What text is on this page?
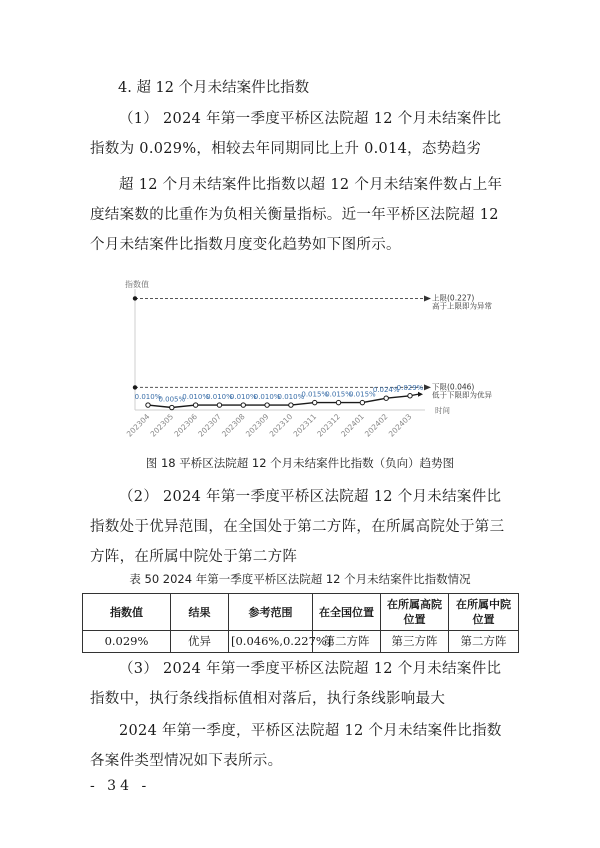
4. 超 12 个月未结案件比指数
（1） 2024 年第一季度平桥区法院超 12 个月未结案件比指数为 0.029%，相较去年同期同比上升 0.014，态势趋劣
超 12 个月未结案件比指数以超 12 个月未结案件数占上年度结案数的比重作为负相关衡量指标。近一年平桥区法院超 12 个月未结案件比指数月度变化趋势如下图所示。
指数值
时间
上限(0.227)
高于上限即为异常
下限(0.046)
低于下限即为优异
0.010%
202304
0.005%
202305
0.010%
202306
0.010%
202307
0.010%
202308
0.010%
202309
0.010%
202310
0.015%
202311
0.015%
202312
0.015%
202401
0.024%
202402
0.029%
202403
图 18 平桥区法院超 12 个月未结案件比指数（负向）趋势图
（2） 2024 年第一季度平桥区法院超 12 个月未结案件比指数处于优异范围，在全国处于第二方阵，在所属高院处于第三方阵，在所属中院处于第二方阵
表 50 2024 年第一季度平桥区法院超 12 个月未结案件比指数情况
指数值	结果	参考范围	在全国位置	在所属高院位置	在所属中院位置
0.029%	优异	[0.046%,0.227%]	第二方阵	第三方阵	第二方阵
（3） 2024 年第一季度平桥区法院超 12 个月未结案件比指数中，执行条线指标值相对落后，执行条线影响最大
2024 年第一季度，平桥区法院超 12 个月未结案件比指数各案件类型情况如下表所示。
- 34 -
